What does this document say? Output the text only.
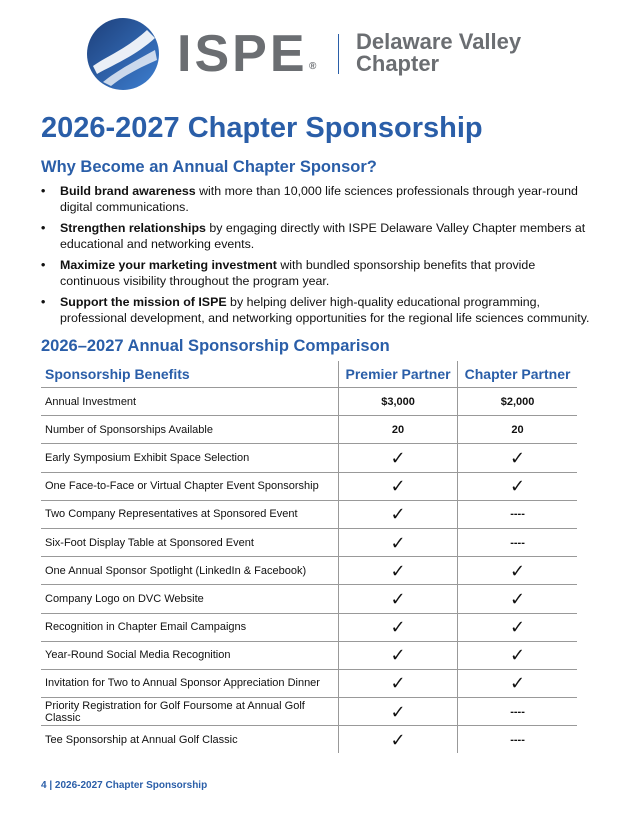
ISPE ®
Delaware Valley
Chapter
2026-2027 Chapter Sponsorship
Why Become an Annual Chapter Sponsor?
• Build brand awareness with more than 10,000 life sciences professionals through year-round digital communications.
• Strengthen relationships by engaging directly with ISPE Delaware Valley Chapter members at educational and networking events.
• Maximize your marketing investment with bundled sponsorship benefits that provide continuous visibility throughout the program year.
• Support the mission of ISPE by helping deliver high-quality educational programming, professional development, and networking opportunities for the regional life sciences community.
2026–2027 Annual Sponsorship Comparison
Sponsorship Benefits	Premier Partner	Chapter Partner
Annual Investment	$3,000	$2,000
Number of Sponsorships Available	20	20
Early Symposium Exhibit Space Selection	✓	✓
One Face-to-Face or Virtual Chapter Event Sponsorship	✓	✓
Two Company Representatives at Sponsored Event	✓	----
Six-Foot Display Table at Sponsored Event	✓	----
One Annual Sponsor Spotlight (LinkedIn & Facebook)	✓	✓
Company Logo on DVC Website	✓	✓
Recognition in Chapter Email Campaigns	✓	✓
Year-Round Social Media Recognition	✓	✓
Invitation for Two to Annual Sponsor Appreciation Dinner	✓	✓
Priority Registration for Golf Foursome at Annual Golf Classic	✓	----
Tee Sponsorship at Annual Golf Classic	✓	----
4 | 2026-2027 Chapter Sponsorship
